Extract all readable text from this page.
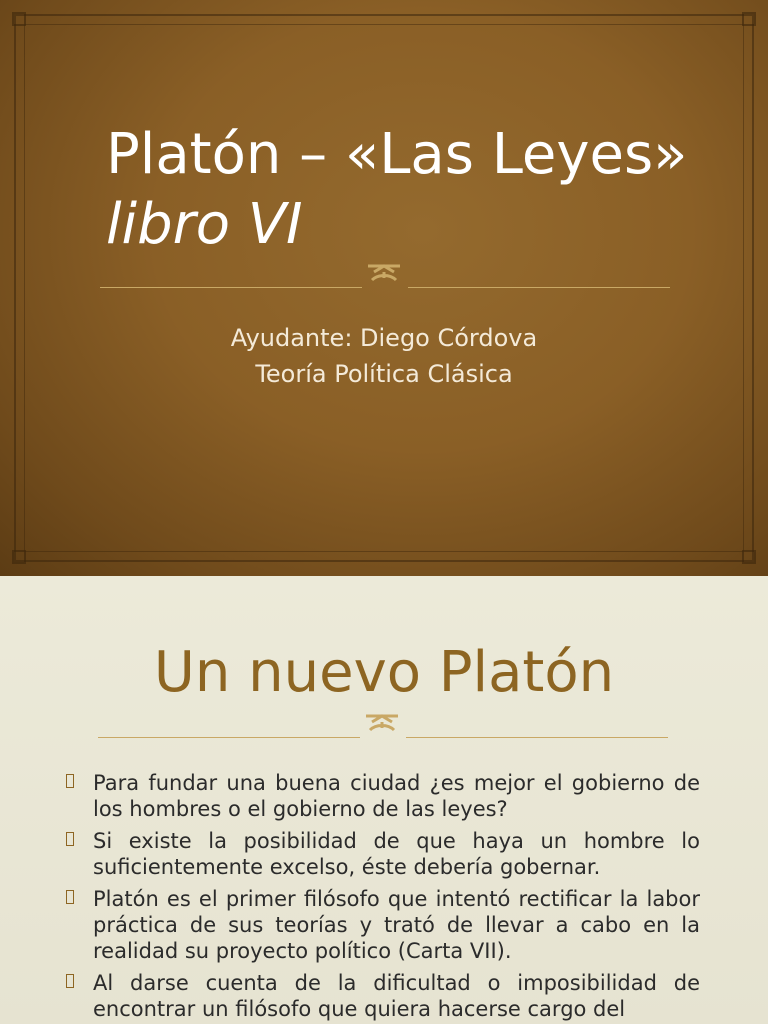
Platón – «Las Leyes» libro VI
Ayudante: Diego Córdova
Teoría Política Clásica
Un nuevo Platón
Para fundar una buena ciudad ¿es mejor el gobierno de los hombres o el gobierno de las leyes?
Si existe la posibilidad de que haya un hombre lo suficientemente excelso, éste debería gobernar.
Platón es el primer filósofo que intentó rectificar la labor práctica de sus teorías y trató de llevar a cabo en la realidad su proyecto político (Carta VII).
Al darse cuenta de la dificultad o imposibilidad de encontrar un filósofo que quiera hacerse cargo del
